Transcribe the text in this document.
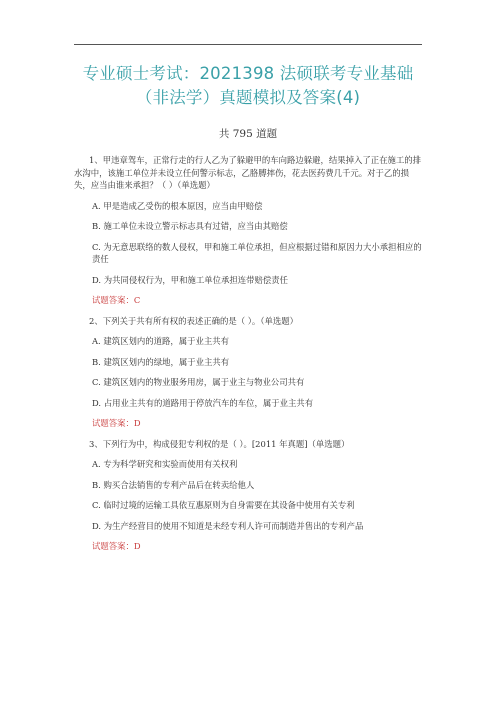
专业硕士考试：2021398 法硕联考专业基础
（非法学）真题模拟及答案(4)
共 795 道题

1、甲违章驾车，正常行走的行人乙为了躲避甲的车向路边躲避，结果掉入了正在施工的排水沟中，该施工单位并未设立任何警示标志，乙胳膊摔伤，花去医药费几千元。对于乙的损失，应当由谁来承担？（ ）（单选题）

A. 甲是造成乙受伤的根本原因，应当由甲赔偿

B. 施工单位未设立警示标志具有过错，应当由其赔偿

C. 为无意思联络的数人侵权，甲和施工单位承担，但应根据过错和原因力大小承担相应的责任

D. 为共同侵权行为，甲和施工单位承担连带赔偿责任

试题答案：C

2、下列关于共有所有权的表述正确的是（ ）。（单选题）

A. 建筑区划内的道路，属于业主共有

B. 建筑区划内的绿地，属于业主共有

C. 建筑区划内的物业服务用房，属于业主与物业公司共有

D. 占用业主共有的道路用于停放汽车的车位，属于业主共有

试题答案：D

3、下列行为中，构成侵犯专利权的是（ ）。[2011 年真题]（单选题）

A. 专为科学研究和实验而使用有关权利

B. 购买合法销售的专利产品后在转卖给他人

C. 临时过境的运输工具依互惠原则为自身需要在其设备中使用有关专利

D. 为生产经营目的使用不知道是未经专利人许可而制造并售出的专利产品

试题答案：D
